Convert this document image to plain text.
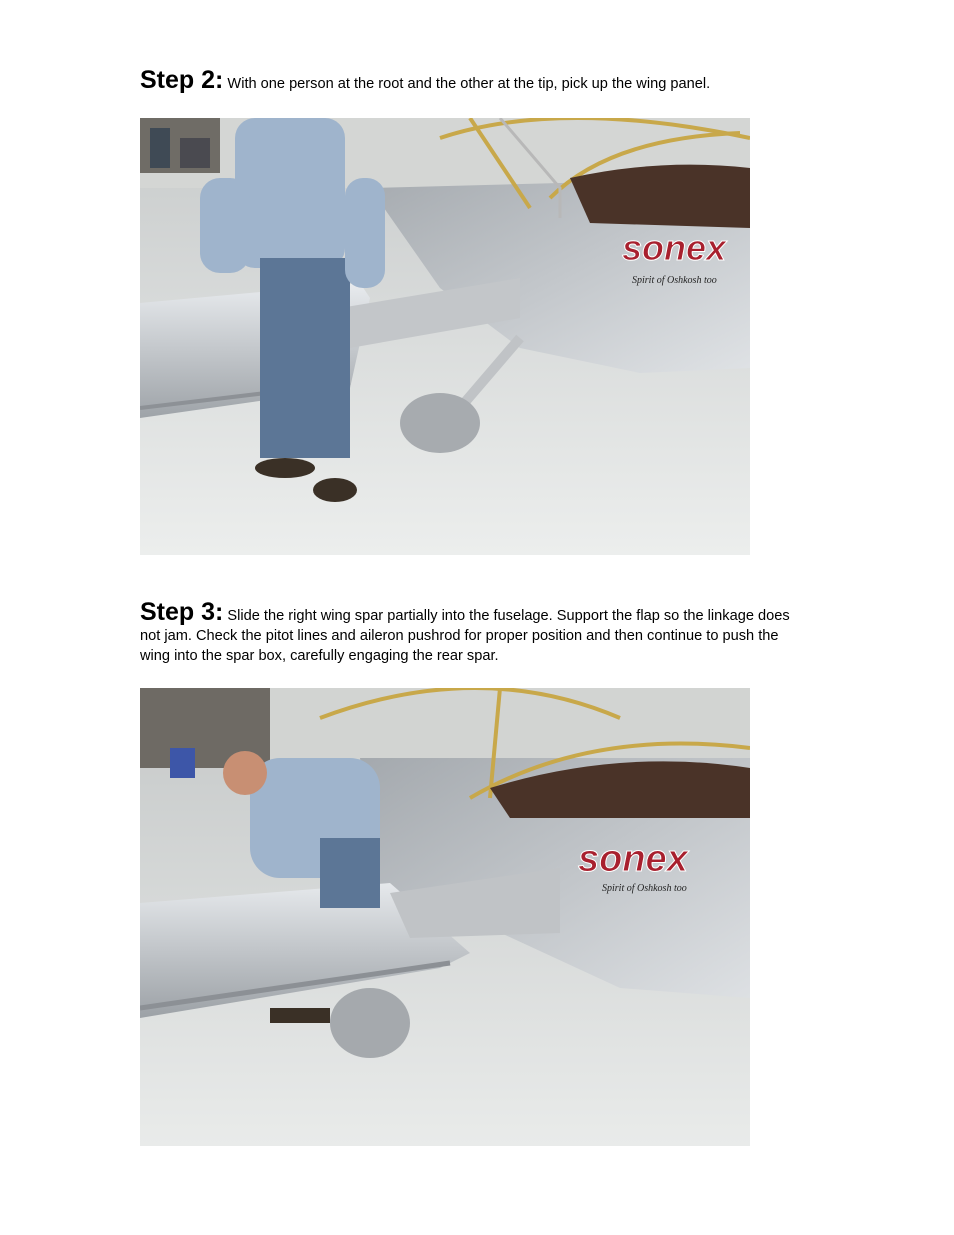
Step 2: With one person at the root and the other at the tip, pick up the wing panel.
sonex
Spirit of Oshkosh too
Step 3: Slide the right wing spar partially into the fuselage. Support the flap so the linkage does not jam. Check the pitot lines and aileron pushrod for proper position and then continue to push the wing into the spar box, carefully engaging the rear spar.
sonex
Spirit of Oshkosh too
